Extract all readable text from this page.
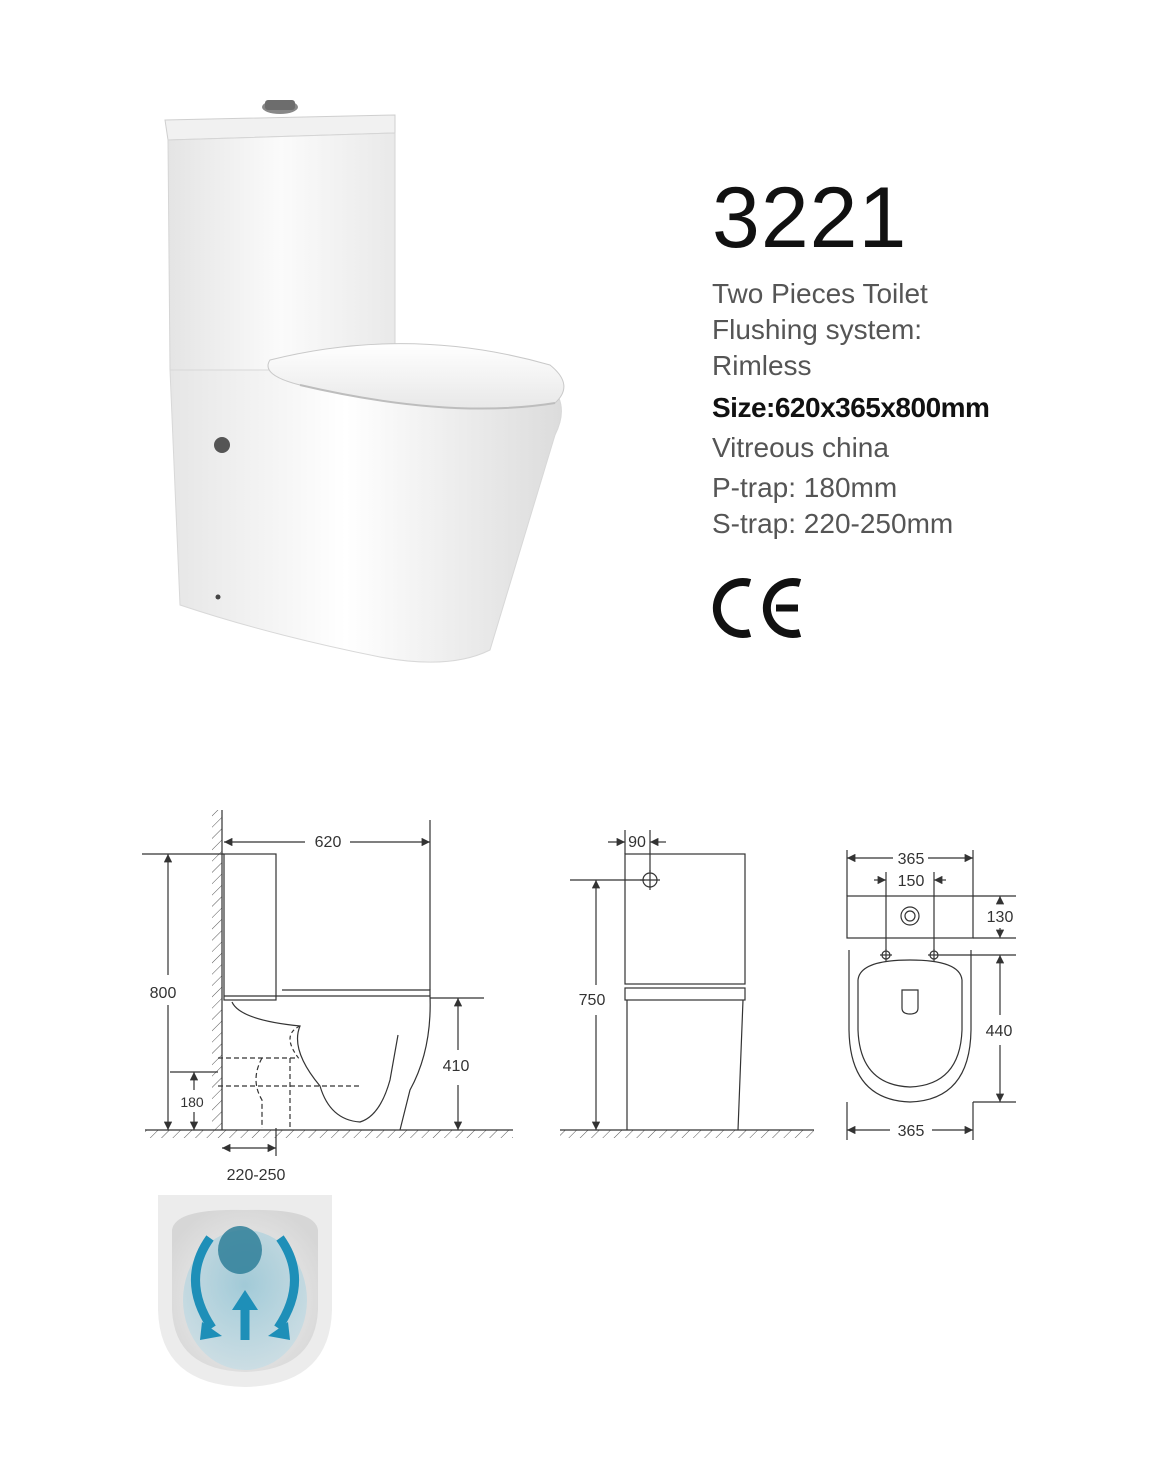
3221

Two Pieces Toilet

Flushing system:

Rimless

Size:620x365x800mm

Vitreous china

P-trap: 180mm

S-trap: 220-250mm

620
800
410
180
220-250
90
750
365
150
130
440
365
